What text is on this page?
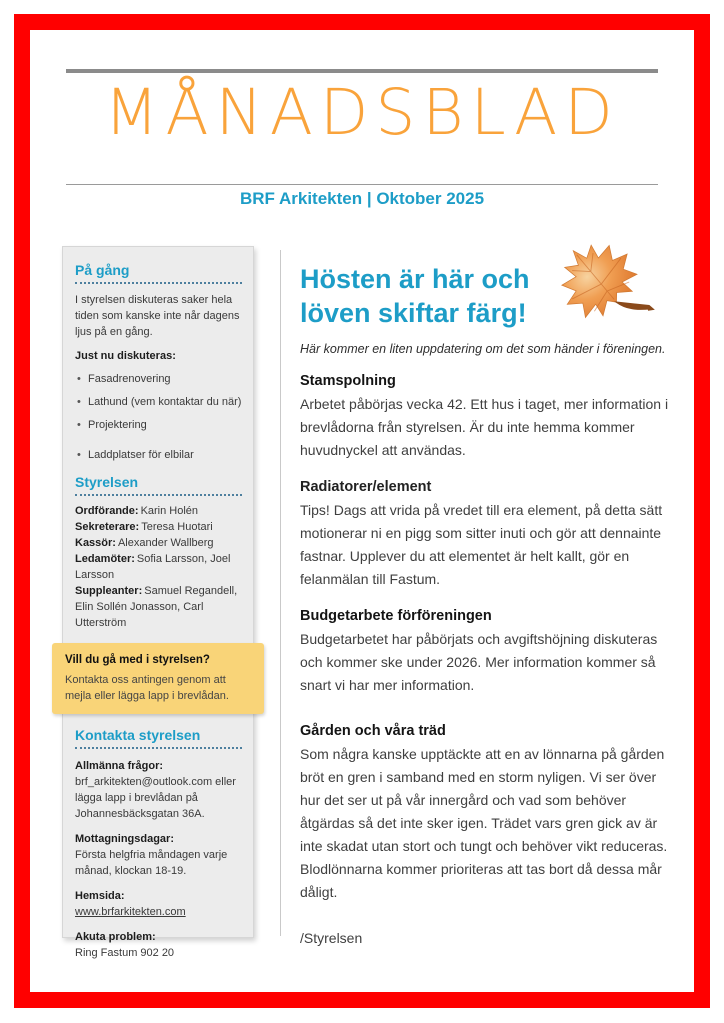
MÅNADSBLAD
BRF Arkitekten | Oktober 2025
På gång

I styrelsen diskuteras saker hela tiden som kanske inte når dagens ljus på en gång.

Just nu diskuteras:

• Fasadrenovering
• Lathund (vem kontaktar du när)
• Projektering
• Laddplatser för elbilar
Styrelsen
Ordförande: Karin Holén
Sekreterare: Teresa Huotari
Kassör: Alexander Wallberg
Ledamöter: Sofia Larsson, Joel Larsson
Suppleanter: Samuel Regandell, Elin Sollén Jonasson, Carl Utterström

Vill du gå med i styrelsen?

Kontakta oss antingen genom att mejla eller lägga lapp i brevlådan.

Kontakta styrelsen
Allmänna frågor:
brf_arkitekten@outlook.com eller lägga lapp i brevlådan på Johannesbäcksgatan 36A.
Mottagningsdagar:
Första helgfria måndagen varje månad, klockan 18-19.
Hemsida:
www.brfarkitekten.com
Akuta problem:
Ring Fastum 902 20
Hösten är här och
löven skiftar färg!

Här kommer en liten uppdatering om det som händer i föreningen.

Stamspolning

Arbetet påbörjas vecka 42. Ett hus i taget, mer information i brevlådorna från styrelsen. Är du inte hemma kommer huvudnyckel att användas.

Radiatorer/element

Tips! Dags att vrida på vredet till era element, på detta sätt motionerar ni en pigg som sitter inuti och gör att dennainte fastnar. Upplever du att elementet är helt kallt, gör en felanmälan till Fastum.

Budgetarbete förföreningen

Budgetarbetet har påbörjats och avgiftshöjning diskuteras och kommer ske under 2026. Mer information kommer så snart vi har mer information.

Gården och våra träd

Som några kanske upptäckte att en av lönnarna på gården bröt en gren i samband med en storm nyligen. Vi ser över hur det ser ut på vår innergård och vad som behöver åtgärdas så det inte sker igen. Trädet vars gren gick av är inte skadat utan stort och tungt och behöver vikt reduceras. Blodlönnarna kommer prioriteras att tas bort då dessa mår dåligt.

/Styrelsen
